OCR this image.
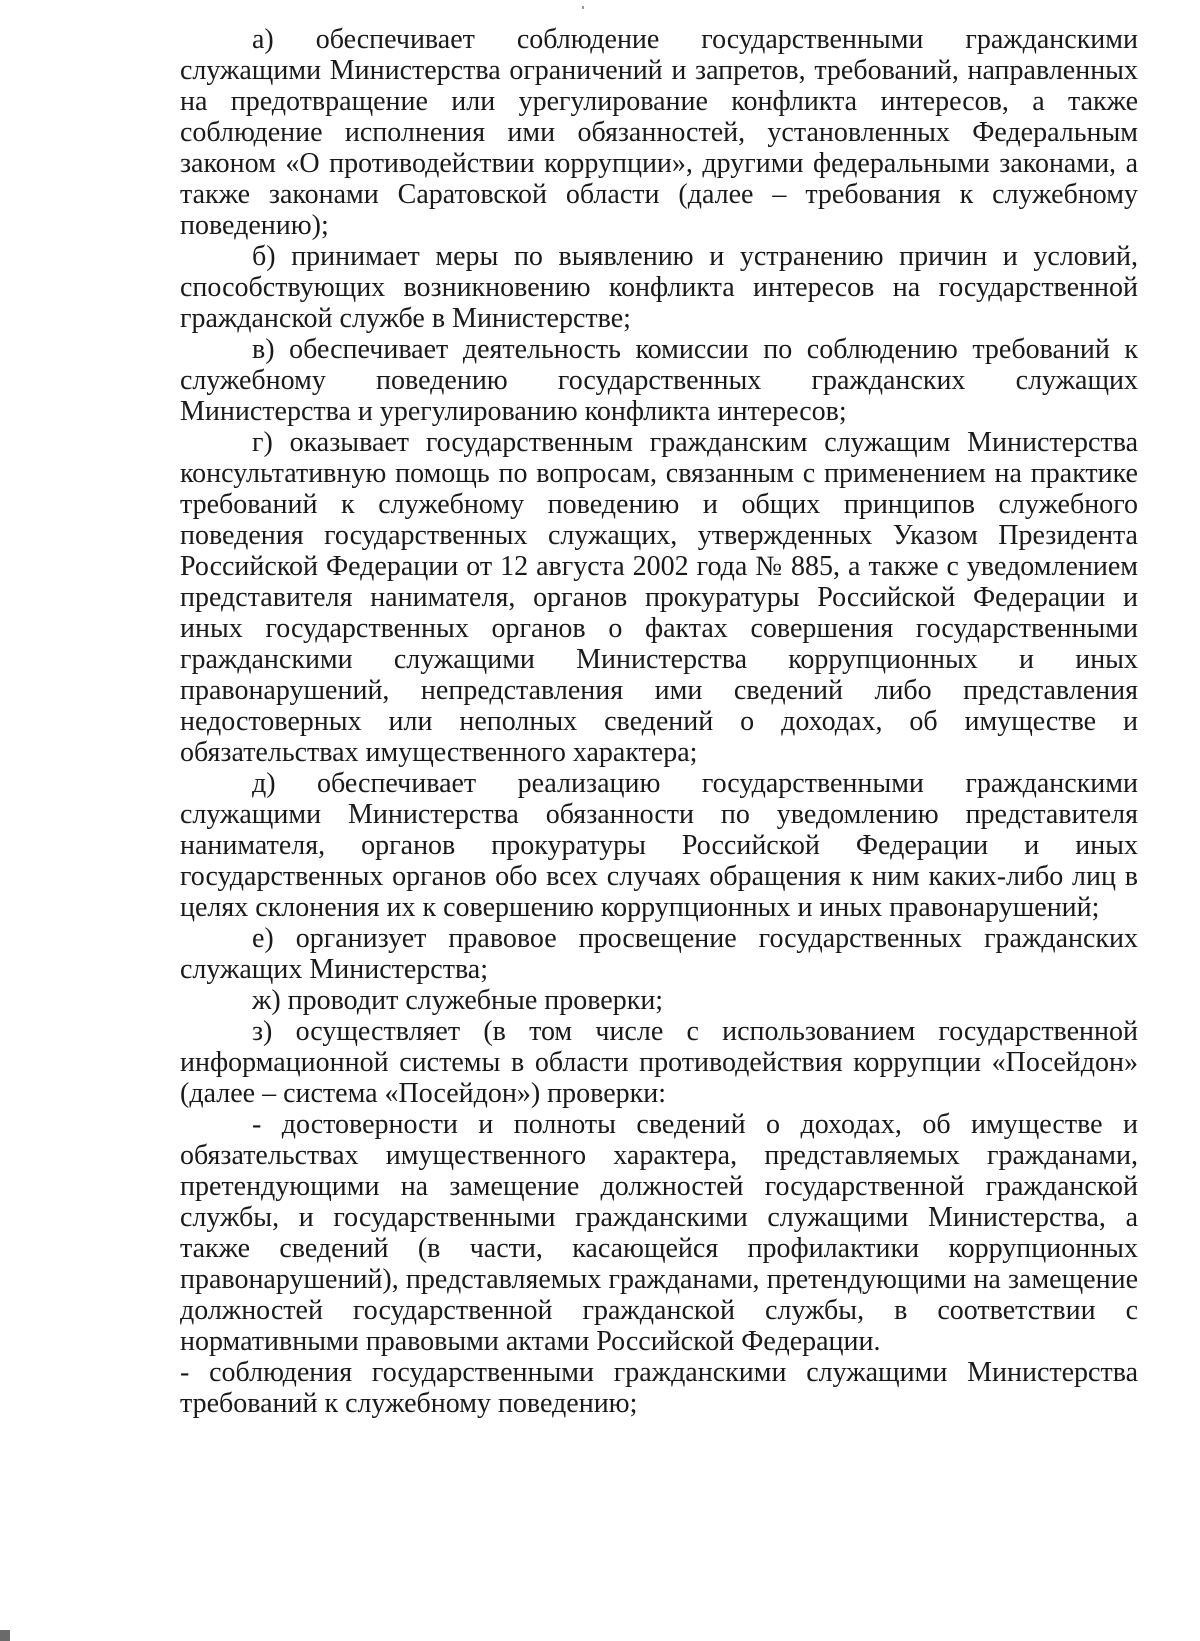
а) обеспечивает соблюдение государственными гражданскими служащими Министерства ограничений и запретов, требований, направленных на предотвращение или урегулирование конфликта интересов, а также соблюдение исполнения ими обязанностей, установленных Федеральным законом «О противодействии коррупции», другими федеральными законами, а также законами Саратовской области (далее – требования к служебному поведению);

б) принимает меры по выявлению и устранению причин и условий, способствующих возникновению конфликта интересов на государственной гражданской службе в Министерстве;

в) обеспечивает деятельность комиссии по соблюдению требований к служебному поведению государственных гражданских служащих Министерства и урегулированию конфликта интересов;

г) оказывает государственным гражданским служащим Министерства консультативную помощь по вопросам, связанным с применением на практике требований к служебному поведению и общих принципов служебного поведения государственных служащих, утвержденных Указом Президента Российской Федерации от 12 августа 2002 года № 885, а также с уведомлением представителя нанимателя, органов прокуратуры Российской Федерации и иных государственных органов о фактах совершения государственными гражданскими служащими Министерства коррупционных и иных правонарушений, непредставления ими сведений либо представления недостоверных или неполных сведений о доходах, об имуществе и обязательствах имущественного характера;

д) обеспечивает реализацию государственными гражданскими служащими Министерства обязанности по уведомлению представителя нанимателя, органов прокуратуры Российской Федерации и иных государственных органов обо всех случаях обращения к ним каких-либо лиц в целях склонения их к совершению коррупционных и иных правонарушений;

е) организует правовое просвещение государственных гражданских служащих Министерства;

ж) проводит служебные проверки;

з) осуществляет (в том числе с использованием государственной информационной системы в области противодействия коррупции «Посейдон» (далее – система «Посейдон») проверки:

- достоверности и полноты сведений о доходах, об имуществе и обязательствах имущественного характера, представляемых гражданами, претендующими на замещение должностей государственной гражданской службы, и государственными гражданскими служащими Министерства, а также сведений (в части, касающейся профилактики коррупционных правонарушений), представляемых гражданами, претендующими на замещение должностей государственной гражданской службы, в соответствии с нормативными правовыми актами Российской Федерации.

- соблюдения государственными гражданскими служащими Министерства требований к служебному поведению;
